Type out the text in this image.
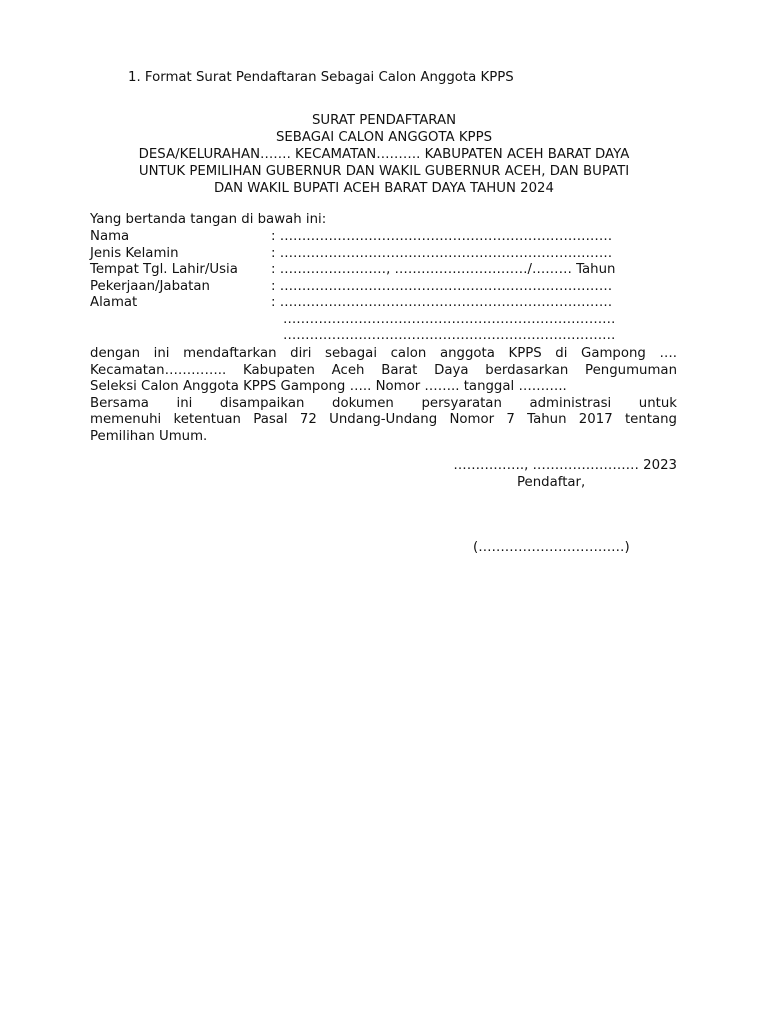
1. Format Surat Pendaftaran Sebagai Calon Anggota KPPS
SURAT PENDAFTARAN
SEBAGAI CALON ANGGOTA KPPS
DESA/KELURAHAN……. KECAMATAN………. KABUPATEN ACEH BARAT DAYA
UNTUK PEMILIHAN GUBERNUR DAN WAKIL GUBERNUR ACEH, DAN BUPATI
DAN WAKIL BUPATI ACEH BARAT DAYA TAHUN 2024
Yang bertanda tangan di bawah ini:
Nama	: …………………………………………………………………
Jenis Kelamin	: …………………………………………………………………
Tempat Tgl. Lahir/Usia : ……………………, …………………………/……… Tahun
Pekerjaan/Jabatan	: …………………………………………………………………
Alamat	: …………………………………………………………………
…………………………………………………………………
…………………………………………………………………
dengan ini mendaftarkan diri sebagai calon anggota KPPS di Gampong ….
Kecamatan………….. Kabupaten Aceh Barat Daya berdasarkan Pengumuman
Seleksi Calon Anggota KPPS Gampong ….. Nomor …….. tanggal ………..
Bersama ini disampaikan dokumen persyaratan administrasi untuk
memenuhi ketentuan Pasal 72 Undang-Undang Nomor 7 Tahun 2017 tentang
Pemilihan Umum.
……………., …………………… 2023
Pendaftar,
(……………………………)
